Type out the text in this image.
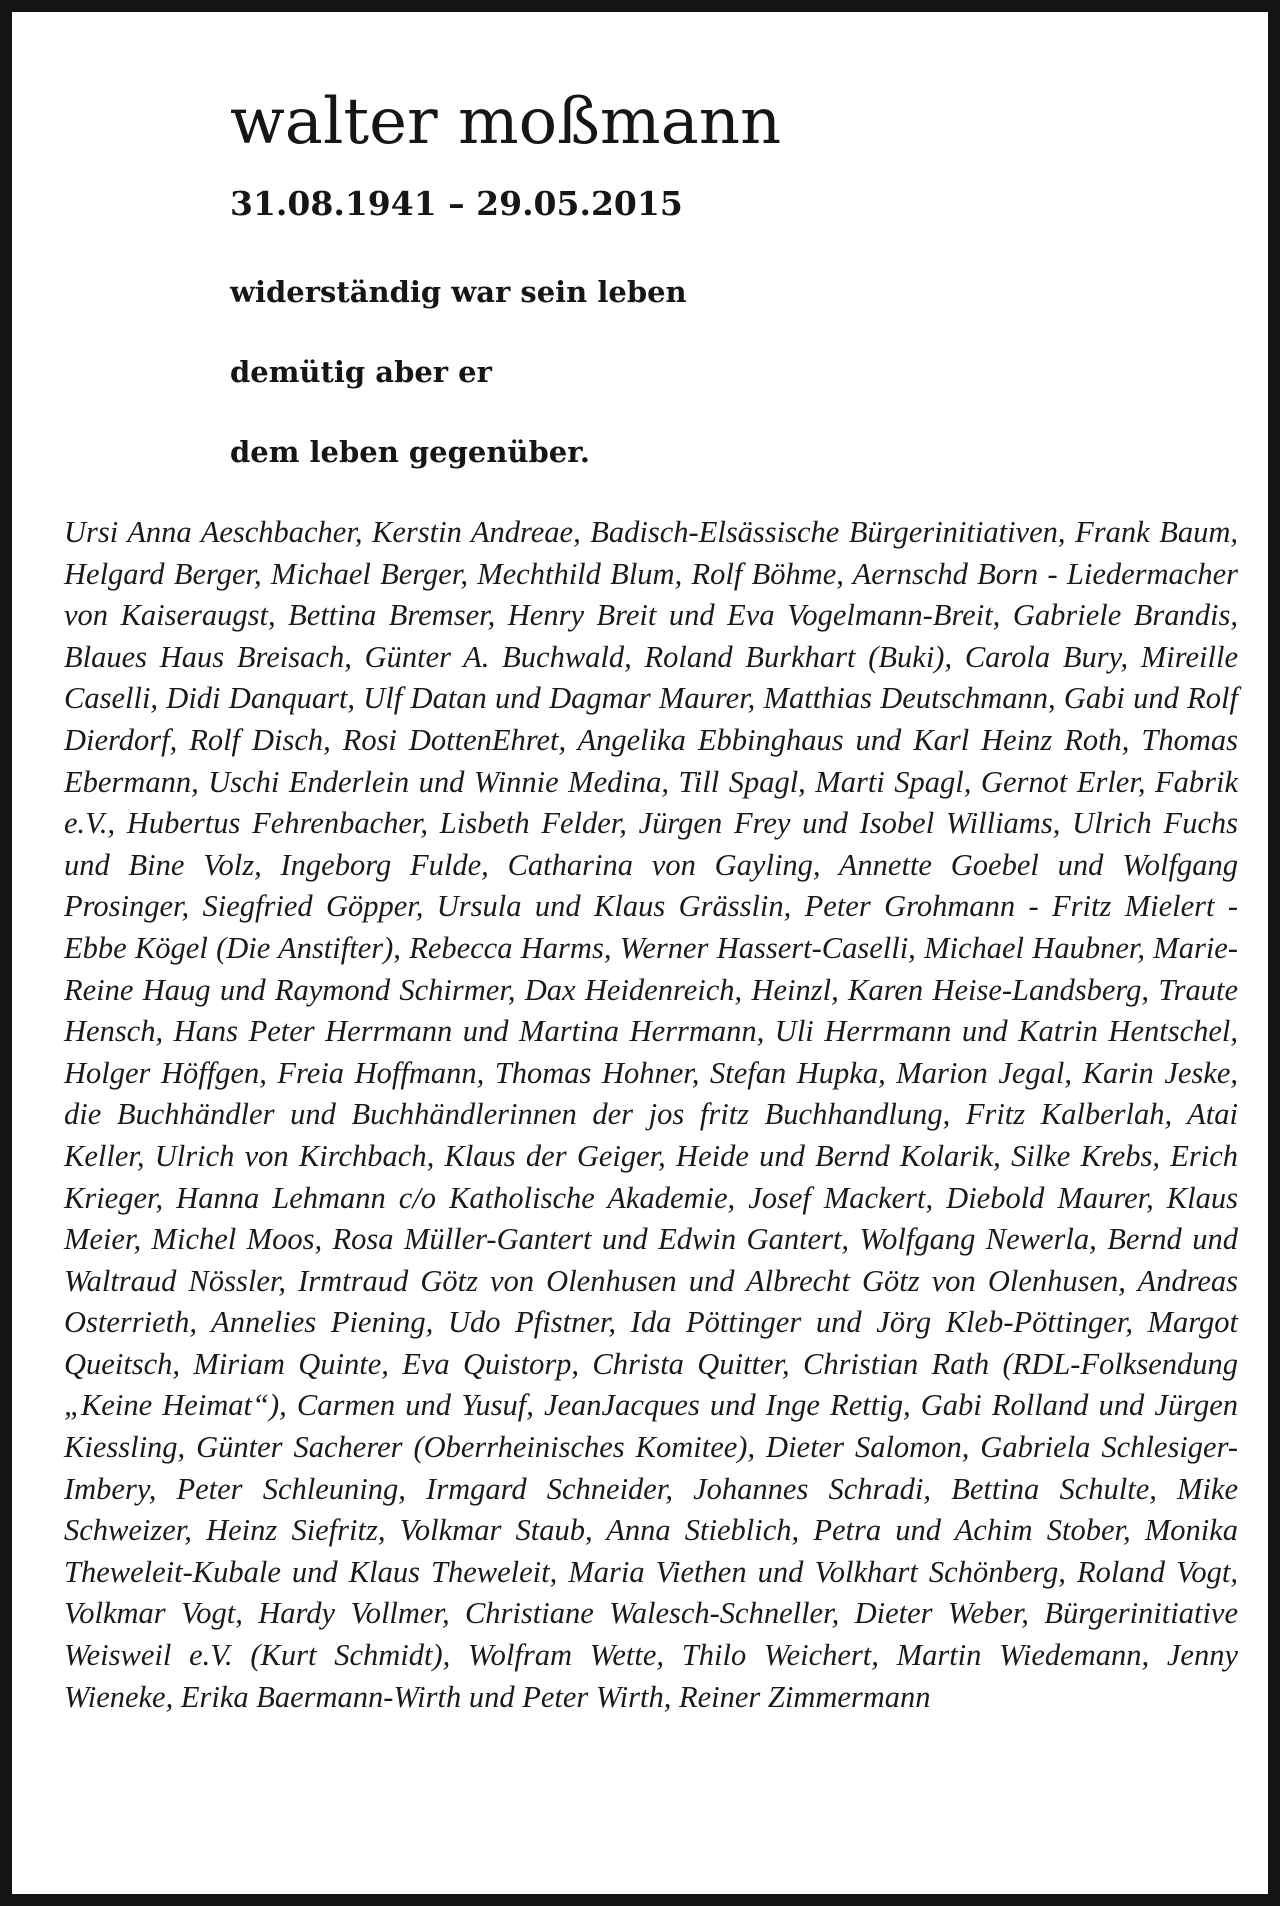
walter moßmann

31.08.1941 – 29.05.2015

widerständig war sein leben

demütig aber er

dem leben gegenüber.

Ursi Anna Aeschbacher, Kerstin Andreae, Badisch-Elsässische Bürgerinitiativen, Frank Baum, Helgard Berger, Michael Berger, Mechthild Blum, Rolf Böhme, Aernschd Born - Liedermacher von Kaiseraugst, Bettina Bremser, Henry Breit und Eva Vogelmann-Breit, Gabriele Brandis, Blaues Haus Breisach, Günter A. Buchwald, Roland Burkhart (Buki), Carola Bury, Mireille Caselli, Didi Danquart, Ulf Datan und Dagmar Maurer, Matthias Deutschmann, Gabi und Rolf Dierdorf, Rolf Disch, Rosi DottenEhret, Angelika Ebbinghaus und Karl Heinz Roth, Thomas Ebermann, Uschi Enderlein und Winnie Medina, Till Spagl, Marti Spagl, Gernot Erler, Fabrik e.V., Hubertus Fehrenbacher, Lisbeth Felder, Jürgen Frey und Isobel Williams, Ulrich Fuchs und Bine Volz, Ingeborg Fulde, Catharina von Gayling, Annette Goebel und Wolfgang Prosinger, Siegfried Göpper, Ursula und Klaus Grässlin, Peter Grohmann - Fritz Mielert - Ebbe Kögel (Die Anstifter), Rebecca Harms, Werner Hassert-Caselli, Michael Haubner, Marie-Reine Haug und Raymond Schirmer, Dax Heidenreich, Heinzl, Karen Heise-Landsberg, Traute Hensch, Hans Peter Herrmann und Martina Herrmann, Uli Herrmann und Katrin Hentschel, Holger Höffgen, Freia Hoffmann, Thomas Hohner, Stefan Hupka, Marion Jegal, Karin Jeske, die Buchhändler und Buchhändlerinnen der jos fritz Buchhandlung, Fritz Kalberlah, Atai Keller, Ulrich von Kirchbach, Klaus der Geiger, Heide und Bernd Kolarik, Silke Krebs, Erich Krieger, Hanna Lehmann c/o Katholische Akademie, Josef Mackert, Diebold Maurer, Klaus Meier, Michel Moos, Rosa Müller-Gantert und Edwin Gantert, Wolfgang Newerla, Bernd und Waltraud Nössler, Irmtraud Götz von Olenhusen und Albrecht Götz von Olenhusen, Andreas Osterrieth, Annelies Piening, Udo Pfistner, Ida Pöttinger und Jörg Kleb-Pöttinger, Margot Queitsch, Miriam Quinte, Eva Quistorp, Christa Quitter, Christian Rath (RDL-Folksendung „Keine Heimat“), Carmen und Yusuf, JeanJacques und Inge Rettig, Gabi Rolland und Jürgen Kiessling, Günter Sacherer (Oberrheinisches Komitee), Dieter Salomon, Gabriela Schlesiger-Imbery, Peter Schleuning, Irmgard Schneider, Johannes Schradi, Bettina Schulte, Mike Schweizer, Heinz Siefritz, Volkmar Staub, Anna Stieblich, Petra und Achim Stober, Monika Theweleit-Kubale und Klaus Theweleit, Maria Viethen und Volkhart Schönberg, Roland Vogt, Volkmar Vogt, Hardy Vollmer, Christiane Walesch-Schneller, Dieter Weber, Bürgerinitiative Weisweil e.V. (Kurt Schmidt), Wolfram Wette, Thilo Weichert, Martin Wiedemann, Jenny Wieneke, Erika Baermann-Wirth und Peter Wirth, Reiner Zimmermann
